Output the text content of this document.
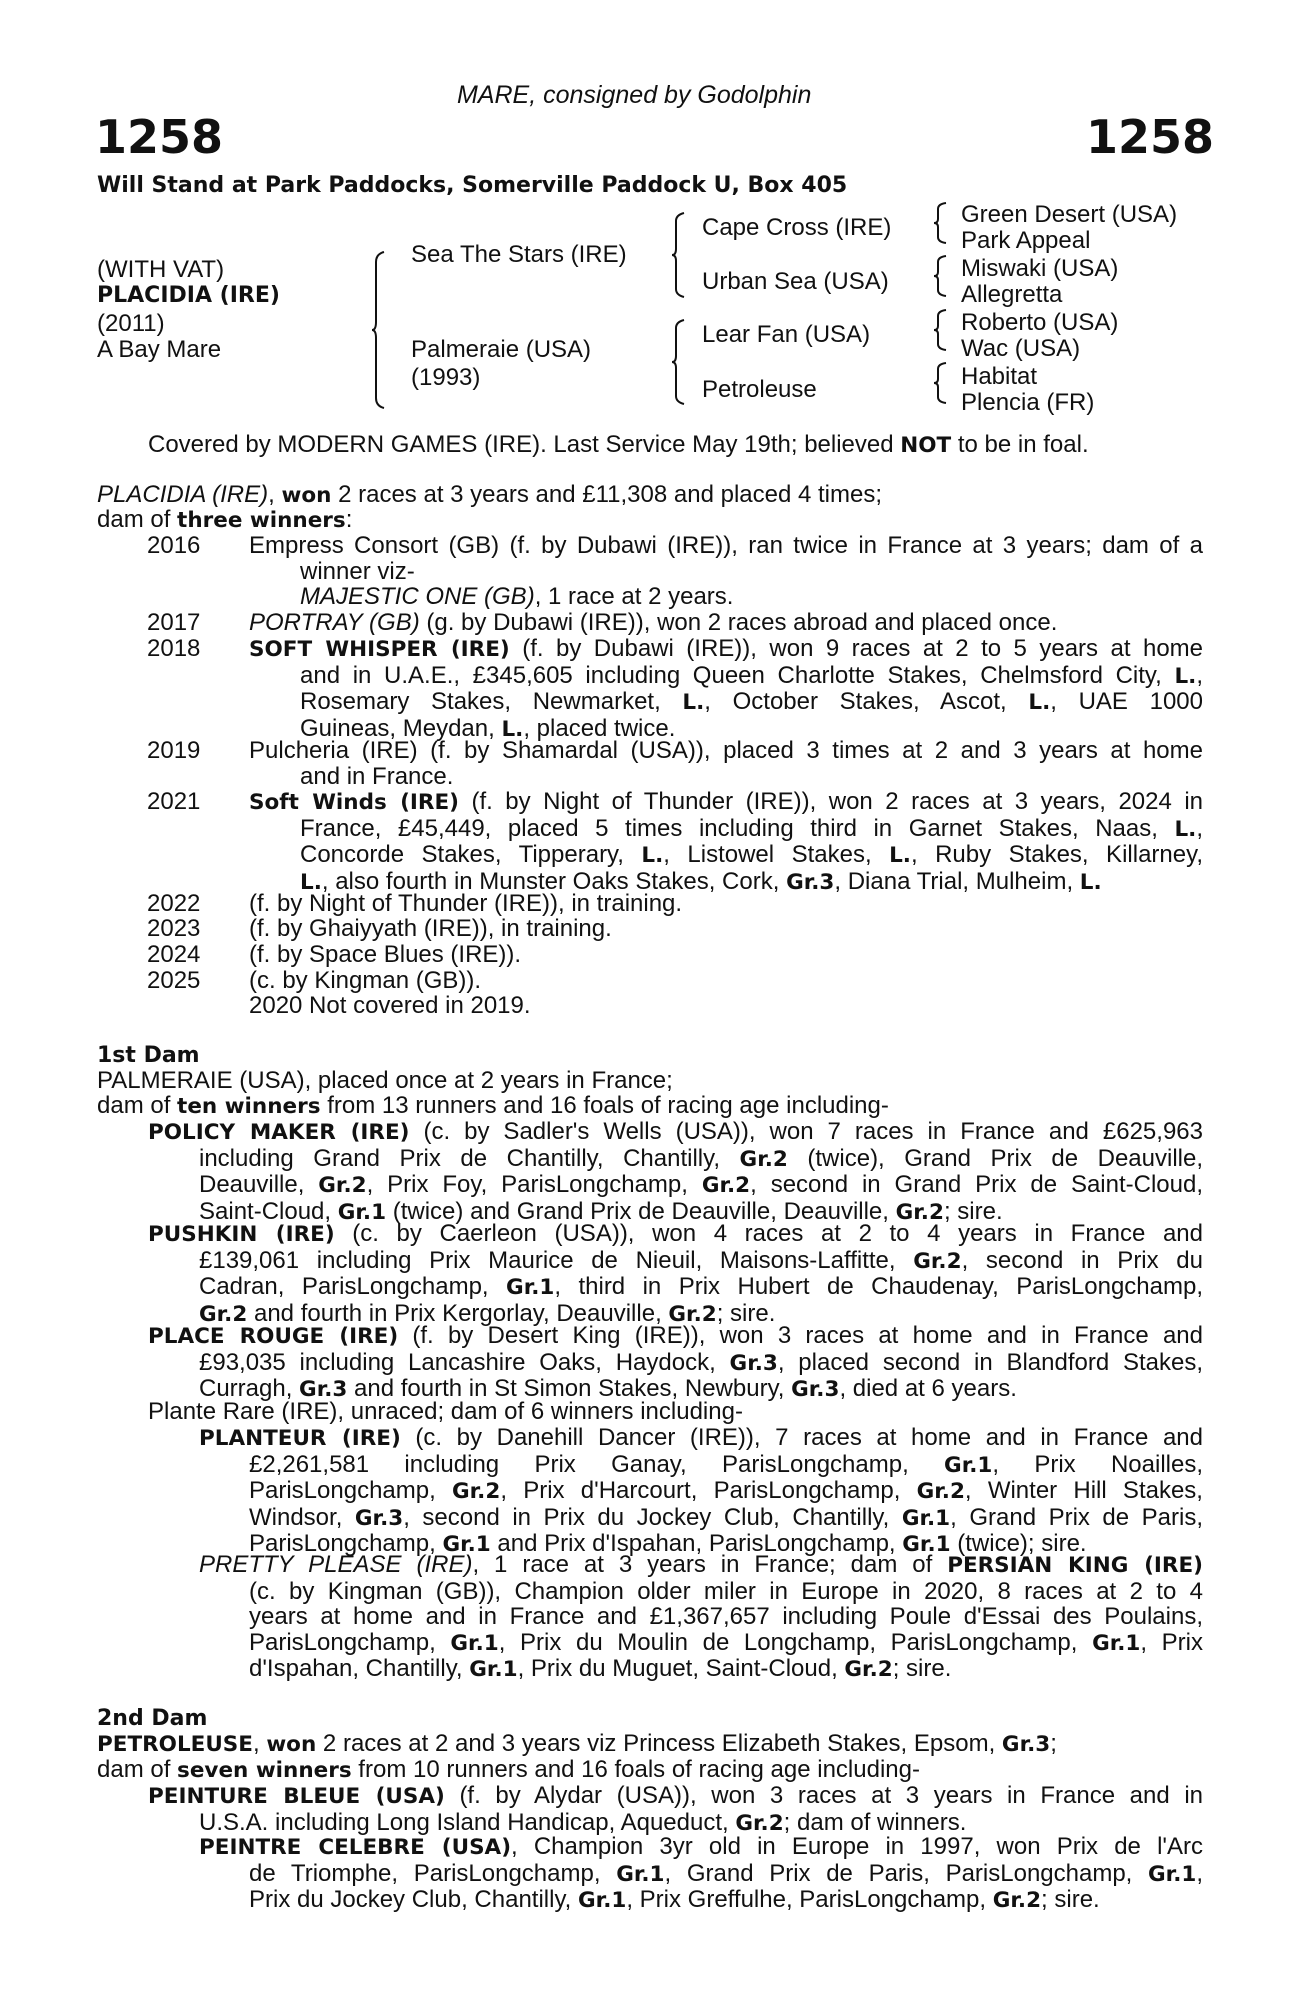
MARE, consigned by Godolphin
1258	1258
Will Stand at Park Paddocks, Somerville Paddock U, Box 405
(WITH VAT)
PLACIDIA (IRE)
(2011)
A Bay Mare
Sea The Stars (IRE)
Palmeraie (USA)
(1993)
Cape Cross (IRE)
Urban Sea (USA)
Lear Fan (USA)
Petroleuse
Green Desert (USA)
Park Appeal
Miswaki (USA)
Allegretta
Roberto (USA)
Wac (USA)
Habitat
Plencia (FR)
Covered by MODERN GAMES (IRE). Last Service May 19th; believed NOT to be in foal.
PLACIDIA (IRE), won 2 races at 3 years and £11,308 and placed 4 times;
dam of three winners:
2016 Empress Consort (GB) (f. by Dubawi (IRE)), ran twice in France at 3 years; dam of a
winner viz-
MAJESTIC ONE (GB), 1 race at 2 years.
2017 PORTRAY (GB) (g. by Dubawi (IRE)), won 2 races abroad and placed once.
2018 SOFT WHISPER (IRE) (f. by Dubawi (IRE)), won 9 races at 2 to 5 years at home
and in U.A.E., £345,605 including Queen Charlotte Stakes, Chelmsford City, L.,
Rosemary Stakes, Newmarket, L., October Stakes, Ascot, L., UAE 1000
Guineas, Meydan, L., placed twice.
2019 Pulcheria (IRE) (f. by Shamardal (USA)), placed 3 times at 2 and 3 years at home
and in France.
2021 Soft Winds (IRE) (f. by Night of Thunder (IRE)), won 2 races at 3 years, 2024 in
France, £45,449, placed 5 times including third in Garnet Stakes, Naas, L.,
Concorde Stakes, Tipperary, L., Listowel Stakes, L., Ruby Stakes, Killarney,
L., also fourth in Munster Oaks Stakes, Cork, Gr.3, Diana Trial, Mulheim, L.
2022 (f. by Night of Thunder (IRE)), in training.
2023 (f. by Ghaiyyath (IRE)), in training.
2024 (f. by Space Blues (IRE)).
2025 (c. by Kingman (GB)).
2020 Not covered in 2019.
1st Dam
PALMERAIE (USA), placed once at 2 years in France;
dam of ten winners from 13 runners and 16 foals of racing age including-
POLICY MAKER (IRE) (c. by Sadler's Wells (USA)), won 7 races in France and £625,963
including Grand Prix de Chantilly, Chantilly, Gr.2 (twice), Grand Prix de Deauville,
Deauville, Gr.2, Prix Foy, ParisLongchamp, Gr.2, second in Grand Prix de Saint-Cloud,
Saint-Cloud, Gr.1 (twice) and Grand Prix de Deauville, Deauville, Gr.2; sire.
PUSHKIN (IRE) (c. by Caerleon (USA)), won 4 races at 2 to 4 years in France and
£139,061 including Prix Maurice de Nieuil, Maisons-Laffitte, Gr.2, second in Prix du
Cadran, ParisLongchamp, Gr.1, third in Prix Hubert de Chaudenay, ParisLongchamp,
Gr.2 and fourth in Prix Kergorlay, Deauville, Gr.2; sire.
PLACE ROUGE (IRE) (f. by Desert King (IRE)), won 3 races at home and in France and
£93,035 including Lancashire Oaks, Haydock, Gr.3, placed second in Blandford Stakes,
Curragh, Gr.3 and fourth in St Simon Stakes, Newbury, Gr.3, died at 6 years.
Plante Rare (IRE), unraced; dam of 6 winners including-
PLANTEUR (IRE) (c. by Danehill Dancer (IRE)), 7 races at home and in France and
£2,261,581 including Prix Ganay, ParisLongchamp, Gr.1, Prix Noailles,
ParisLongchamp, Gr.2, Prix d'Harcourt, ParisLongchamp, Gr.2, Winter Hill Stakes,
Windsor, Gr.3, second in Prix du Jockey Club, Chantilly, Gr.1, Grand Prix de Paris,
ParisLongchamp, Gr.1 and Prix d'Ispahan, ParisLongchamp, Gr.1 (twice); sire.
PRETTY PLEASE (IRE), 1 race at 3 years in France; dam of PERSIAN KING (IRE)
(c. by Kingman (GB)), Champion older miler in Europe in 2020, 8 races at 2 to 4
years at home and in France and £1,367,657 including Poule d'Essai des Poulains,
ParisLongchamp, Gr.1, Prix du Moulin de Longchamp, ParisLongchamp, Gr.1, Prix
d'Ispahan, Chantilly, Gr.1, Prix du Muguet, Saint-Cloud, Gr.2; sire.
2nd Dam
PETROLEUSE, won 2 races at 2 and 3 years viz Princess Elizabeth Stakes, Epsom, Gr.3;
dam of seven winners from 10 runners and 16 foals of racing age including-
PEINTURE BLEUE (USA) (f. by Alydar (USA)), won 3 races at 3 years in France and in
U.S.A. including Long Island Handicap, Aqueduct, Gr.2; dam of winners.
PEINTRE CELEBRE (USA), Champion 3yr old in Europe in 1997, won Prix de l'Arc
de Triomphe, ParisLongchamp, Gr.1, Grand Prix de Paris, ParisLongchamp, Gr.1,
Prix du Jockey Club, Chantilly, Gr.1, Prix Greffulhe, ParisLongchamp, Gr.2; sire.
